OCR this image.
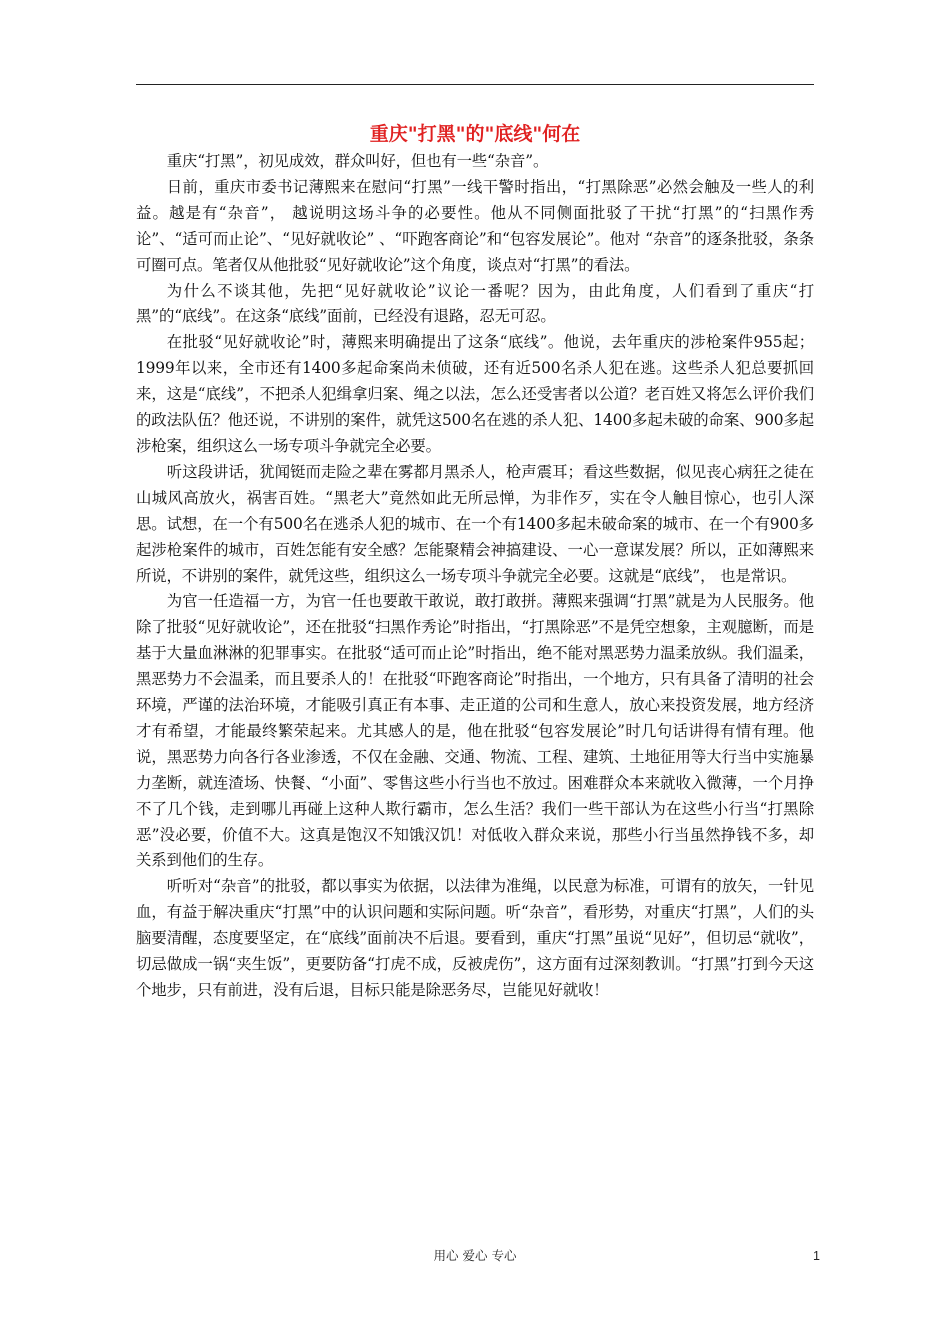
重庆"打黑"的"底线"何在

重庆“打黑”，初见成效，群众叫好，但也有一些“杂音”。

日前，重庆市委书记薄熙来在慰问“打黑”一线干警时指出，“打黑除恶”必然会触及一些人的利益。越是有“杂音”， 越说明这场斗争的必要性。他从不同侧面批驳了干扰“打黑”的“扫黑作秀论”、“适可而止论”、“见好就收论” 、“吓跑客商论”和“包容发展论”。他对 “杂音”的逐条批驳，条条可圈可点。笔者仅从他批驳“见好就收论”这个角度，谈点对“打黑”的看法。

为什么不谈其他，先把“见好就收论”议论一番呢？因为，由此角度，人们看到了重庆“打黑”的“底线”。在这条“底线”面前，已经没有退路，忍无可忍。

在批驳“见好就收论”时，薄熙来明确提出了这条“底线”。他说，去年重庆的涉枪案件955起；1999年以来，全市还有1400多起命案尚未侦破，还有近500名杀人犯在逃。这些杀人犯总要抓回来，这是“底线”，不把杀人犯缉拿归案、绳之以法，怎么还受害者以公道？老百姓又将怎么评价我们的政法队伍？他还说，不讲别的案件，就凭这500名在逃的杀人犯、1400多起未破的命案、900多起涉枪案，组织这么一场专项斗争就完全必要。

听这段讲话，犹闻铤而走险之辈在雾都月黑杀人，枪声震耳；看这些数据，似见丧心病狂之徒在山城风高放火，祸害百姓。“黑老大”竟然如此无所忌惮，为非作歹，实在令人触目惊心，也引人深思。试想，在一个有500名在逃杀人犯的城市、在一个有1400多起未破命案的城市、在一个有900多起涉枪案件的城市，百姓怎能有安全感？怎能聚精会神搞建设、一心一意谋发展？所以，正如薄熙来所说，不讲别的案件，就凭这些，组织这么一场专项斗争就完全必要。这就是“底线”， 也是常识。

为官一任造福一方，为官一任也要敢干敢说，敢打敢拼。薄熙来强调“打黑”就是为人民服务。他除了批驳“见好就收论”，还在批驳“扫黑作秀论”时指出，“打黑除恶”不是凭空想象，主观臆断，而是基于大量血淋淋的犯罪事实。在批驳“适可而止论”时指出，绝不能对黑恶势力温柔放纵。我们温柔，黑恶势力不会温柔，而且要杀人的！在批驳“吓跑客商论”时指出，一个地方，只有具备了清明的社会环境，严谨的法治环境，才能吸引真正有本事、走正道的公司和生意人，放心来投资发展，地方经济才有希望，才能最终繁荣起来。尤其感人的是，他在批驳“包容发展论”时几句话讲得有情有理。他说，黑恶势力向各行各业渗透，不仅在金融、交通、物流、工程、建筑、土地征用等大行当中实施暴力垄断，就连渣场、快餐、“小面”、零售这些小行当也不放过。困难群众本来就收入微薄，一个月挣不了几个钱，走到哪儿再碰上这种人欺行霸市，怎么生活？我们一些干部认为在这些小行当“打黑除恶”没必要，价值不大。这真是饱汉不知饿汉饥！对低收入群众来说，那些小行当虽然挣钱不多，却关系到他们的生存。

听听对“杂音”的批驳，都以事实为依据，以法律为准绳，以民意为标准，可谓有的放矢，一针见血，有益于解决重庆“打黑”中的认识问题和实际问题。听“杂音”，看形势，对重庆“打黑”，人们的头脑要清醒，态度要坚定，在“底线”面前决不后退。要看到，重庆“打黑”虽说“见好”，但切忌“就收”，切忌做成一锅“夹生饭”，更要防备“打虎不成，反被虎伤”，这方面有过深刻教训。“打黑”打到今天这个地步，只有前进，没有后退，目标只能是除恶务尽，岂能见好就收！

用心 爱心 专心	1
